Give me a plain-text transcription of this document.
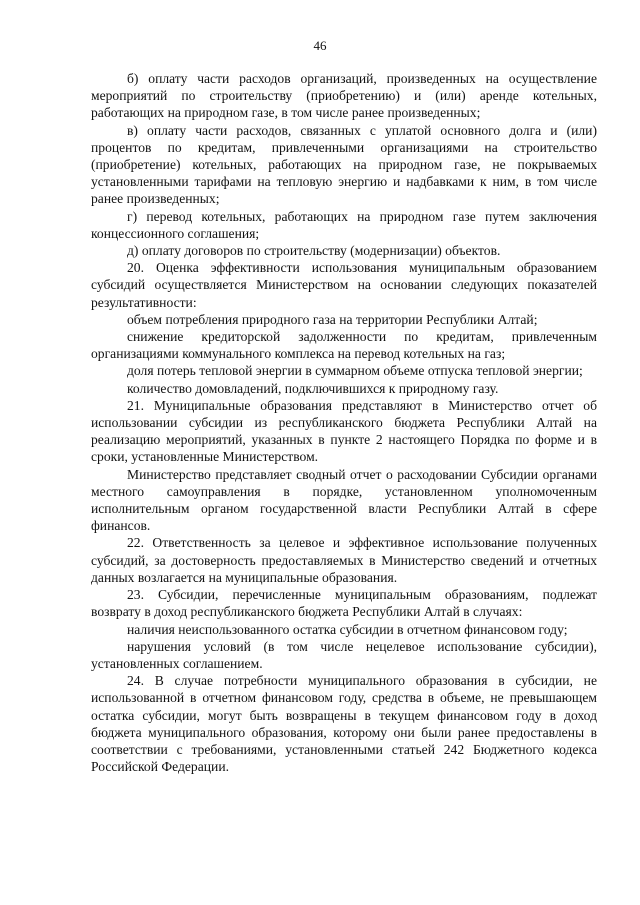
46

б) оплату части расходов организаций, произведенных на осуществление мероприятий по строительству (приобретению) и (или) аренде котельных, работающих на природном газе, в том числе ранее произведенных;

в) оплату части расходов, связанных с уплатой основного долга и (или) процентов по кредитам, привлеченными организациями на строительство (приобретение) котельных, работающих на природном газе, не покрываемых установленными тарифами на тепловую энергию и надбавками к ним, в том числе ранее произведенных;

г) перевод котельных, работающих на природном газе путем заключения концессионного соглашения;

д) оплату договоров по строительству (модернизации) объектов.

20. Оценка эффективности использования муниципальным образованием субсидий осуществляется Министерством на основании следующих показателей результативности:

объем потребления природного газа на территории Республики Алтай;

снижение кредиторской задолженности по кредитам, привлеченным организациями коммунального комплекса на перевод котельных на газ;

доля потерь тепловой энергии в суммарном объеме отпуска тепловой энергии;

количество домовладений, подключившихся к природному газу.

21. Муниципальные образования представляют в Министерство отчет об использовании субсидии из республиканского бюджета Республики Алтай на реализацию мероприятий, указанных в пункте 2 настоящего Порядка по форме и в сроки, установленные Министерством.

Министерство представляет сводный отчет о расходовании Субсидии органами местного самоуправления в порядке, установленном уполномоченным исполнительным органом государственной власти Республики Алтай в сфере финансов.

22. Ответственность за целевое и эффективное использование полученных субсидий, за достоверность предоставляемых в Министерство сведений и отчетных данных возлагается на муниципальные образования.

23. Субсидии, перечисленные муниципальным образованиям, подлежат возврату в доход республиканского бюджета Республики Алтай в случаях:

наличия неиспользованного остатка субсидии в отчетном финансовом году;

нарушения условий (в том числе нецелевое использование субсидии), установленных соглашением.

24. В случае потребности муниципального образования в субсидии, не использованной в отчетном финансовом году, средства в объеме, не превышающем остатка субсидии, могут быть возвращены в текущем финансовом году в доход бюджета муниципального образования, которому они были ранее предоставлены в соответствии с требованиями, установленными статьей 242 Бюджетного кодекса Российской Федерации.
